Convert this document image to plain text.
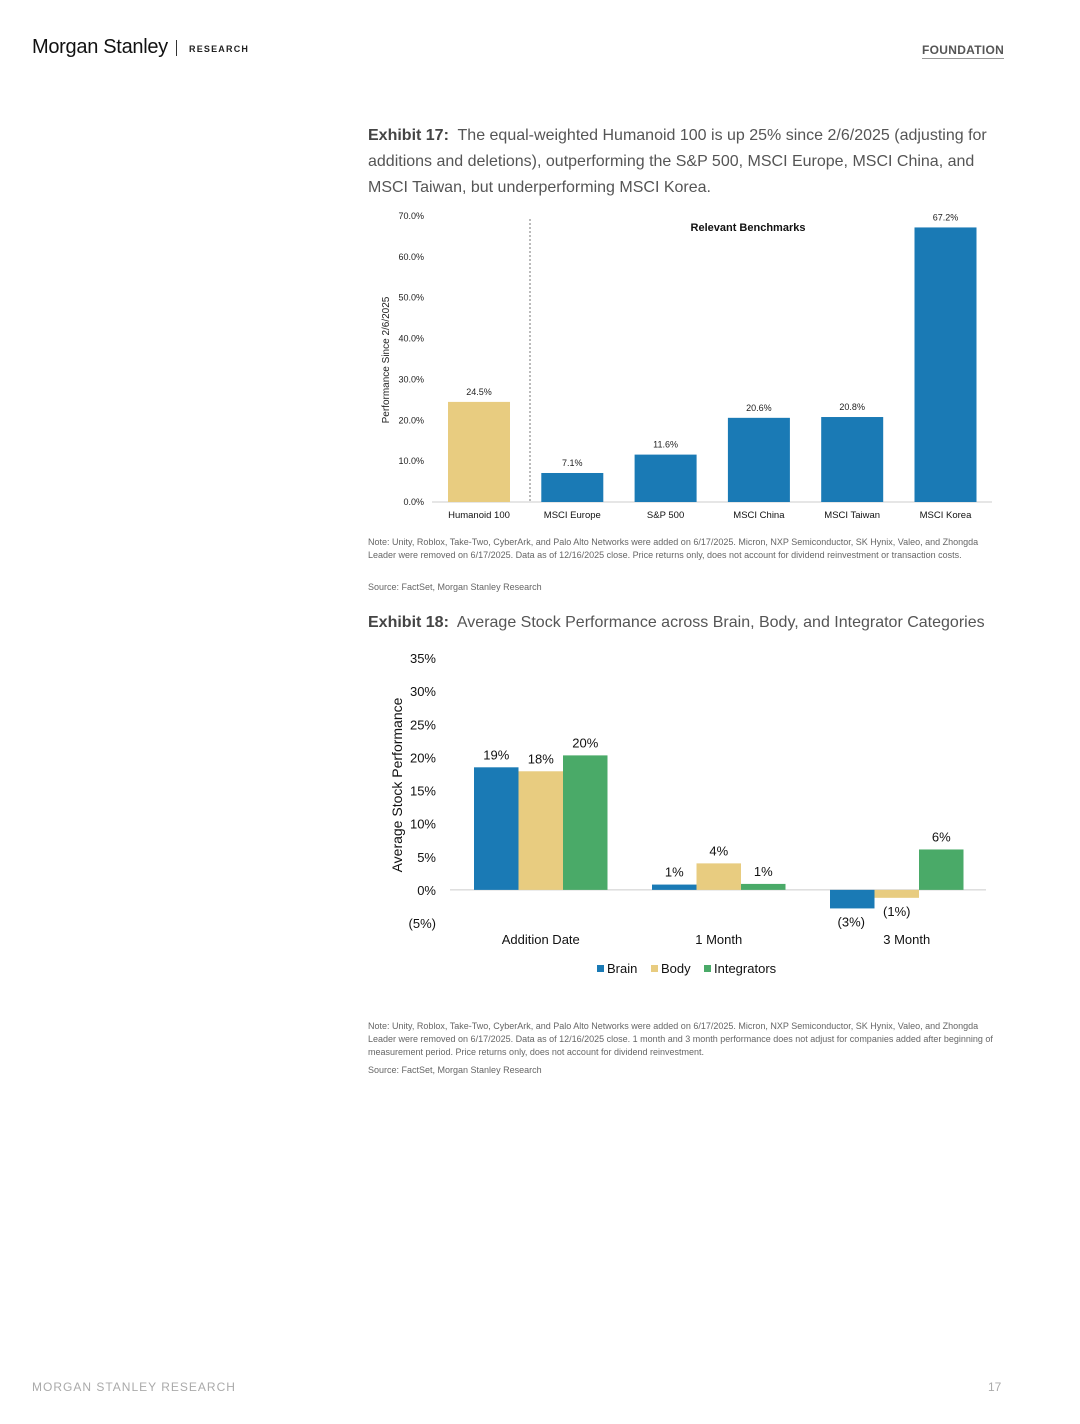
Morgan Stanley RESEARCH	FOUNDATION
Exhibit 17: The equal-weighted Humanoid 100 is up 25% since 2/6/2025 (adjusting for additions and deletions), outperforming the S&P 500, MSCI Europe, MSCI China, and MSCI Taiwan, but underperforming MSCI Korea.
0.0%
10.0%
20.0%
30.0%
40.0%
50.0%
60.0%
70.0%
Relevant Benchmarks
Performance Since 2/6/2025	24.5%
Humanoid 100
7.1%
MSCI Europe
11.6%
S&P 500
20.6%
MSCI China
20.8%
MSCI Taiwan
67.2%
MSCI Korea
Note: Unity, Roblox, Take-Two, CyberArk, and Palo Alto Networks were added on 6/17/2025. Micron, NXP Semiconductor, SK Hynix, Valeo, and Zhongda Leader were removed on 6/17/2025. Data as of 12/16/2025 close. Price returns only, does not account for dividend reinvestment or transaction costs.
Source: FactSet, Morgan Stanley Research
Exhibit 18: Average Stock Performance across Brain, Body, and Integrator Categories
Average Stock Performance
(5%)
0%
5%
10%
15%
20%
25%
30%
35%
19% 18%
20%
Addition Date
1%
4%
1%
1 Month
(3%)
(1%)
6%
3 Month
Brain Body Integrators
Note: Unity, Roblox, Take-Two, CyberArk, and Palo Alto Networks were added on 6/17/2025. Micron, NXP Semiconductor, SK Hynix, Valeo, and Zhongda Leader were removed on 6/17/2025. Data as of 12/16/2025 close. 1 month and 3 month performance does not adjust for companies added after beginning of measurement period. Price returns only, does not account for dividend reinvestment.
Source: FactSet, Morgan Stanley Research
MORGAN STANLEY RESEARCH	17
